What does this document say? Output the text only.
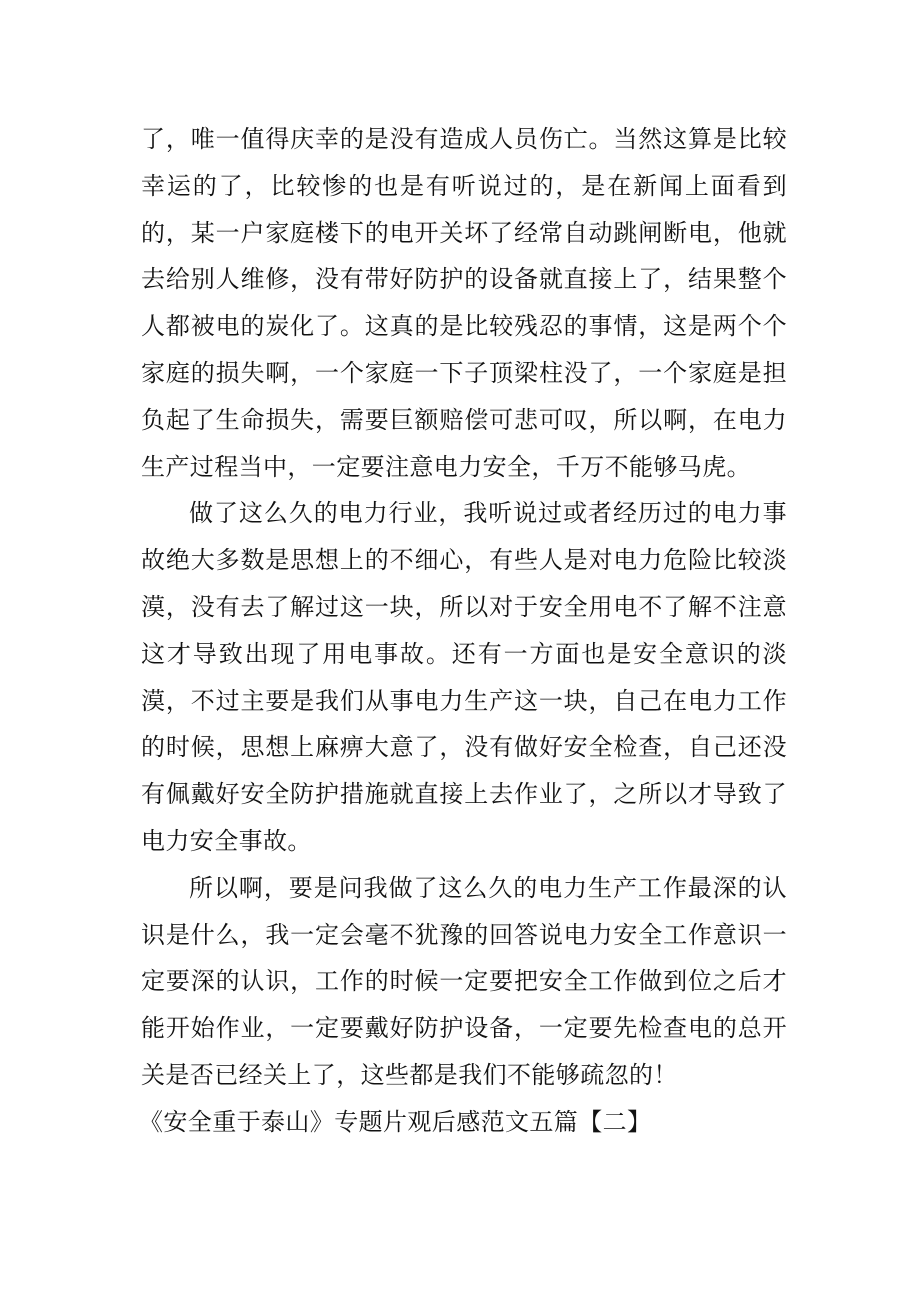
了，唯一值得庆幸的是没有造成人员伤亡。当然这算是比较幸运的了，比较惨的也是有听说过的，是在新闻上面看到的，某一户家庭楼下的电开关坏了经常自动跳闸断电，他就去给别人维修，没有带好防护的设备就直接上了，结果整个人都被电的炭化了。这真的是比较残忍的事情，这是两个个家庭的损失啊，一个家庭一下子顶梁柱没了，一个家庭是担负起了生命损失，需要巨额赔偿可悲可叹，所以啊，在电力生产过程当中，一定要注意电力安全，千万不能够马虎。

做了这么久的电力行业，我听说过或者经历过的电力事故绝大多数是思想上的不细心，有些人是对电力危险比较淡漠，没有去了解过这一块，所以对于安全用电不了解不注意这才导致出现了用电事故。还有一方面也是安全意识的淡漠，不过主要是我们从事电力生产这一块，自己在电力工作的时候，思想上麻痹大意了，没有做好安全检查，自己还没有佩戴好安全防护措施就直接上去作业了，之所以才导致了电力安全事故。

所以啊，要是问我做了这么久的电力生产工作最深的认识是什么，我一定会毫不犹豫的回答说电力安全工作意识一定要深的认识，工作的时候一定要把安全工作做到位之后才能开始作业，一定要戴好防护设备，一定要先检查电的总开关是否已经关上了，这些都是我们不能够疏忽的！

《安全重于泰山》专题片观后感范文五篇【二】
